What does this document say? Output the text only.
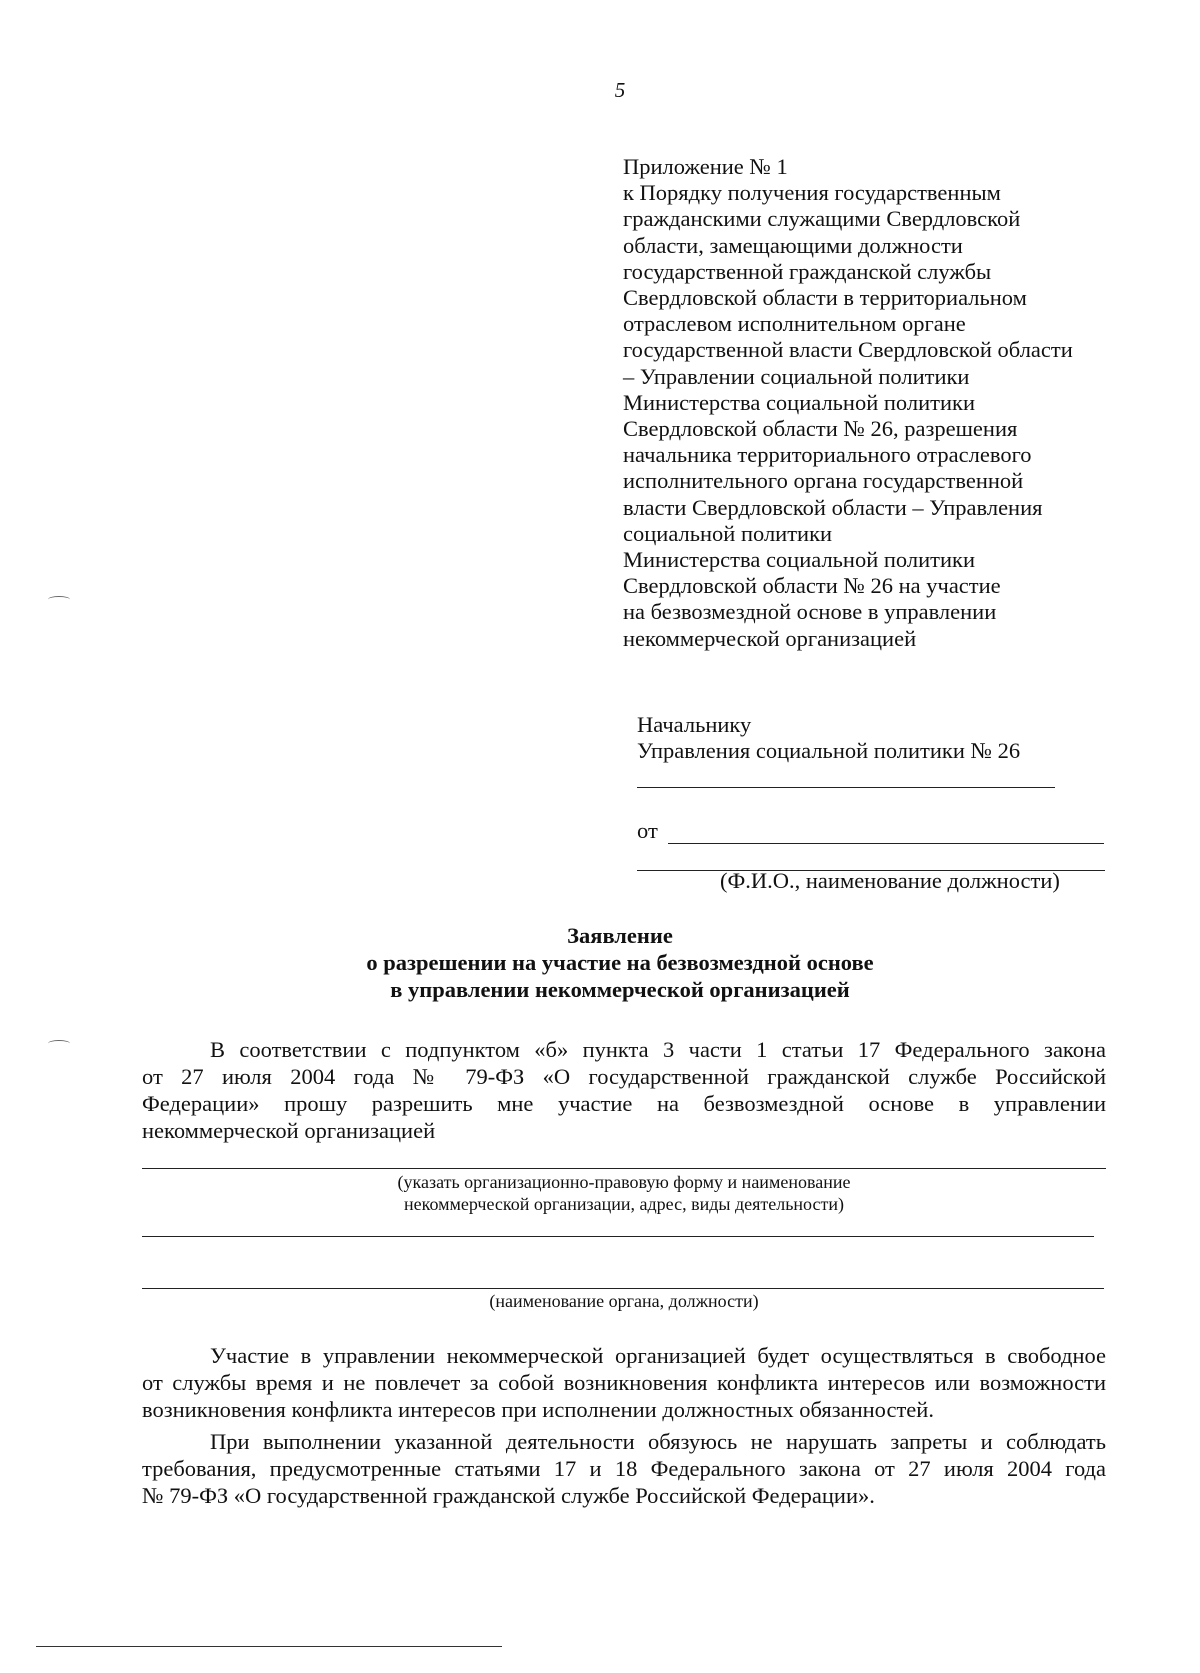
5
Приложение № 1
к Порядку получения государственным
гражданскими служащими Свердловской
области, замещающими должности
государственной гражданской службы
Свердловской области в территориальном
отраслевом исполнительном органе
государственной власти Свердловской области
– Управлении социальной политики
Министерства социальной политики
Свердловской области № 26, разрешения
начальника территориального отраслевого
исполнительного органа государственной
власти Свердловской области – Управления
социальной политики
Министерства социальной политики
Свердловской области № 26 на участие
на безвозмездной основе в управлении
некоммерческой организацией
Начальнику
Управления социальной политики № 26
от
(Ф.И.О., наименование должности)
Заявление
о разрешении на участие на безвозмездной основе
в управлении некоммерческой организацией
В соответствии с подпунктом «б» пункта 3 части 1 статьи 17 Федерального закона
от 27 июля 2004 года № 79-ФЗ «О государственной гражданской службе Российской
Федерации» прошу разрешить мне участие на безвозмездной основе в управлении
некоммерческой организацией
(указать организационно-правовую форму и наименование
некоммерческой организации, адрес, виды деятельности)
(наименование органа, должности)
Участие в управлении некоммерческой организацией будет осуществляться в свободное
от службы время и не повлечет за собой возникновения конфликта интересов или возможности
возникновения конфликта интересов при исполнении должностных обязанностей.
При выполнении указанной деятельности обязуюсь не нарушать запреты и соблюдать
требования, предусмотренные статьями 17 и 18 Федерального закона от 27 июля 2004 года
№ 79-ФЗ «О государственной гражданской службе Российской Федерации».
